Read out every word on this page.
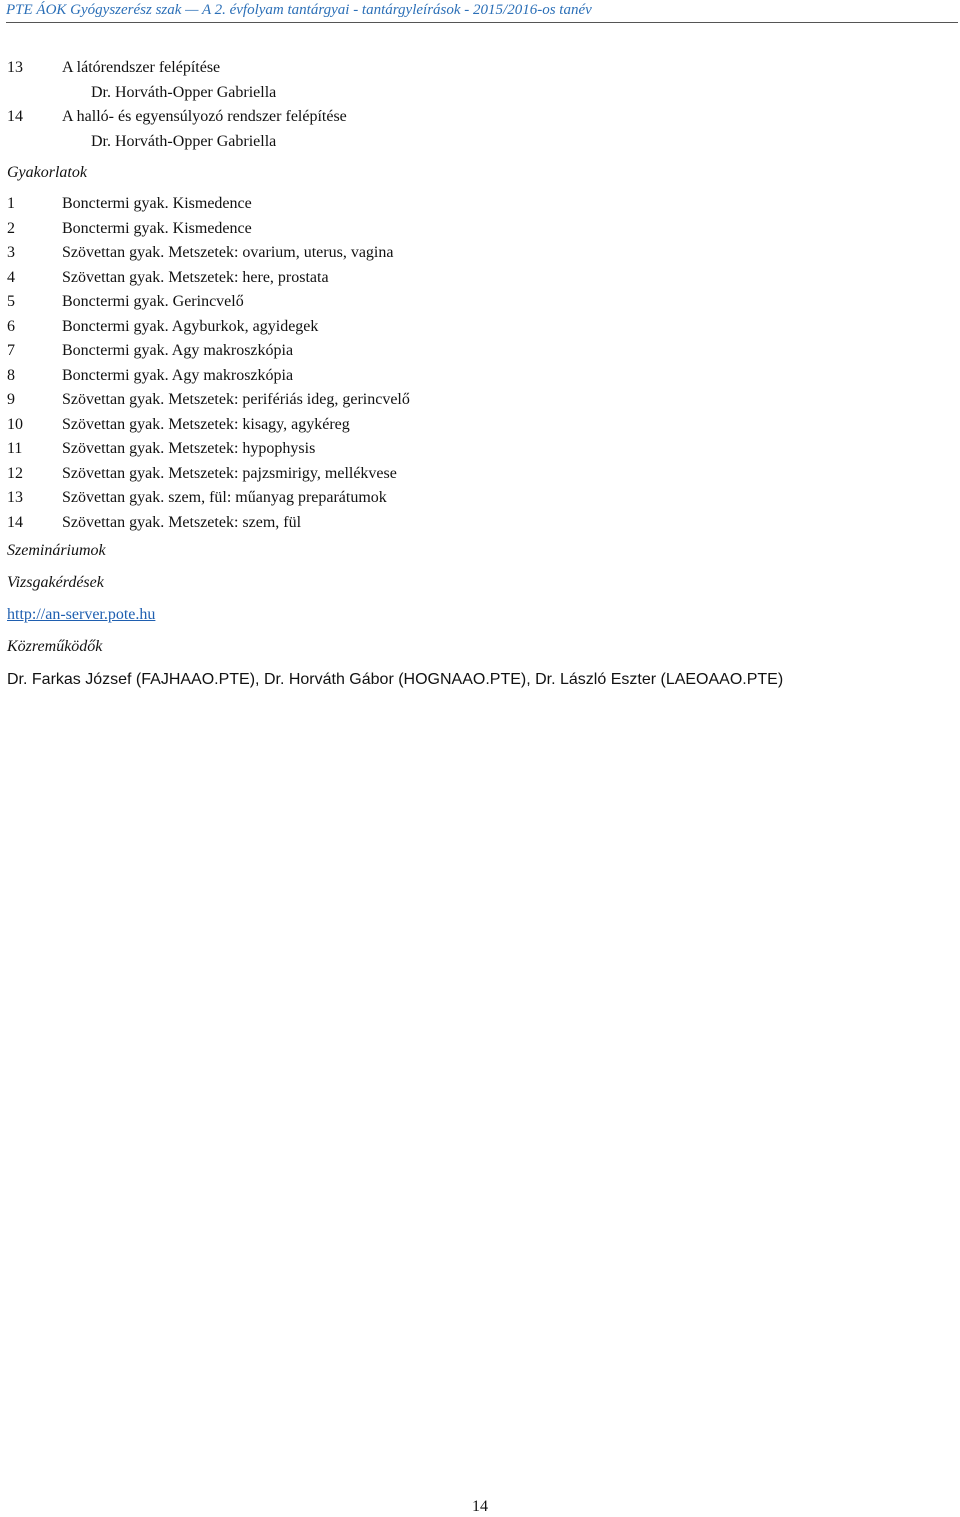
PTE ÁOK Gyógyszerész szak — A 2. évfolyam tantárgyai - tantárgyleírások - 2015/2016-os tanév
13 A látórendszer felépítése
Dr. Horváth-Opper Gabriella
14 A halló- és egyensúlyozó rendszer felépítése
Dr. Horváth-Opper Gabriella
Gyakorlatok
1	Bonctermi gyak. Kismedence
2	Bonctermi gyak. Kismedence
3	Szövettan gyak. Metszetek: ovarium, uterus, vagina
4	Szövettan gyak. Metszetek: here, prostata
5	Bonctermi gyak. Gerincvelő
6	Bonctermi gyak. Agyburkok, agyidegek
7	Bonctermi gyak. Agy makroszkópia
8	Bonctermi gyak. Agy makroszkópia
9	Szövettan gyak. Metszetek: perifériás ideg, gerincvelő
10 Szövettan gyak. Metszetek: kisagy, agykéreg
11 Szövettan gyak. Metszetek: hypophysis
12 Szövettan gyak. Metszetek: pajzsmirigy, mellékvese
13 Szövettan gyak. szem, fül: műanyag preparátumok
14 Szövettan gyak. Metszetek: szem, fül
Szemináriumok
Vizsgakérdések
http://an-server.pote.hu
Közreműködők
Dr. Farkas József (FAJHAAO.PTE), Dr. Horváth Gábor (HOGNAAO.PTE), Dr. László Eszter (LAEOAAO.PTE)
14
